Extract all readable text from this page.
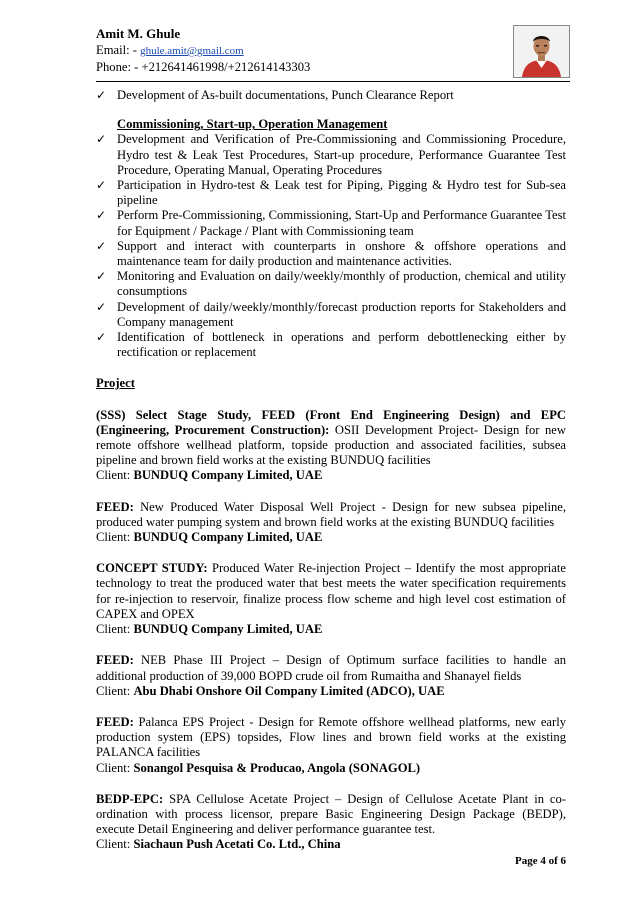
Amit M. Ghule
Email: - ghule.amit@gmail.com
Phone: - +212641461998/+212614143303
✓ Development of As-built documentations, Punch Clearance Report
Commissioning, Start-up, Operation Management
✓ Development and Verification of Pre-Commissioning and Commissioning Procedure, Hydro test & Leak Test Procedures, Start-up procedure, Performance Guarantee Test Procedure, Operating Manual, Operating Procedures
✓ Participation in Hydro-test & Leak test for Piping, Pigging & Hydro test for Sub-sea pipeline
✓ Perform Pre-Commissioning, Commissioning, Start-Up and Performance Guarantee Test for Equipment / Package / Plant with Commissioning team
✓ Support and interact with counterparts in onshore & offshore operations and maintenance team for daily production and maintenance activities.
✓ Monitoring and Evaluation on daily/weekly/monthly of production, chemical and utility consumptions
✓ Development of daily/weekly/monthly/forecast production reports for Stakeholders and Company management
✓ Identification of bottleneck in operations and perform debottlenecking either by rectification or replacement
Project
(SSS) Select Stage Study, FEED (Front End Engineering Design) and EPC (Engineering, Procurement Construction): OSII Development Project- Design for new remote offshore wellhead platform, topside production and associated facilities, subsea pipeline and brown field works at the existing BUNDUQ facilities
Client: BUNDUQ Company Limited, UAE
FEED: New Produced Water Disposal Well Project - Design for new subsea pipeline, produced water pumping system and brown field works at the existing BUNDUQ facilities
Client: BUNDUQ Company Limited, UAE
CONCEPT STUDY: Produced Water Re-injection Project – Identify the most appropriate technology to treat the produced water that best meets the water specification requirements for re-injection to reservoir, finalize process flow scheme and high level cost estimation of CAPEX and OPEX
Client: BUNDUQ Company Limited, UAE
FEED: NEB Phase III Project – Design of Optimum surface facilities to handle an additional production of 39,000 BOPD crude oil from Rumaitha and Shanayel fields
Client: Abu Dhabi Onshore Oil Company Limited (ADCO), UAE
FEED: Palanca EPS Project - Design for Remote offshore wellhead platforms, new early production system (EPS) topsides, Flow lines and brown field works at the existing PALANCA facilities
Client: Sonangol Pesquisa & Producao, Angola (SONAGOL)
BEDP-EPC: SPA Cellulose Acetate Project – Design of Cellulose Acetate Plant in co-ordination with process licensor, prepare Basic Engineering Design Package (BEDP), execute Detail Engineering and deliver performance guarantee test.
Client: Siachaun Push Acetati Co. Ltd., China
Page 4 of 6
